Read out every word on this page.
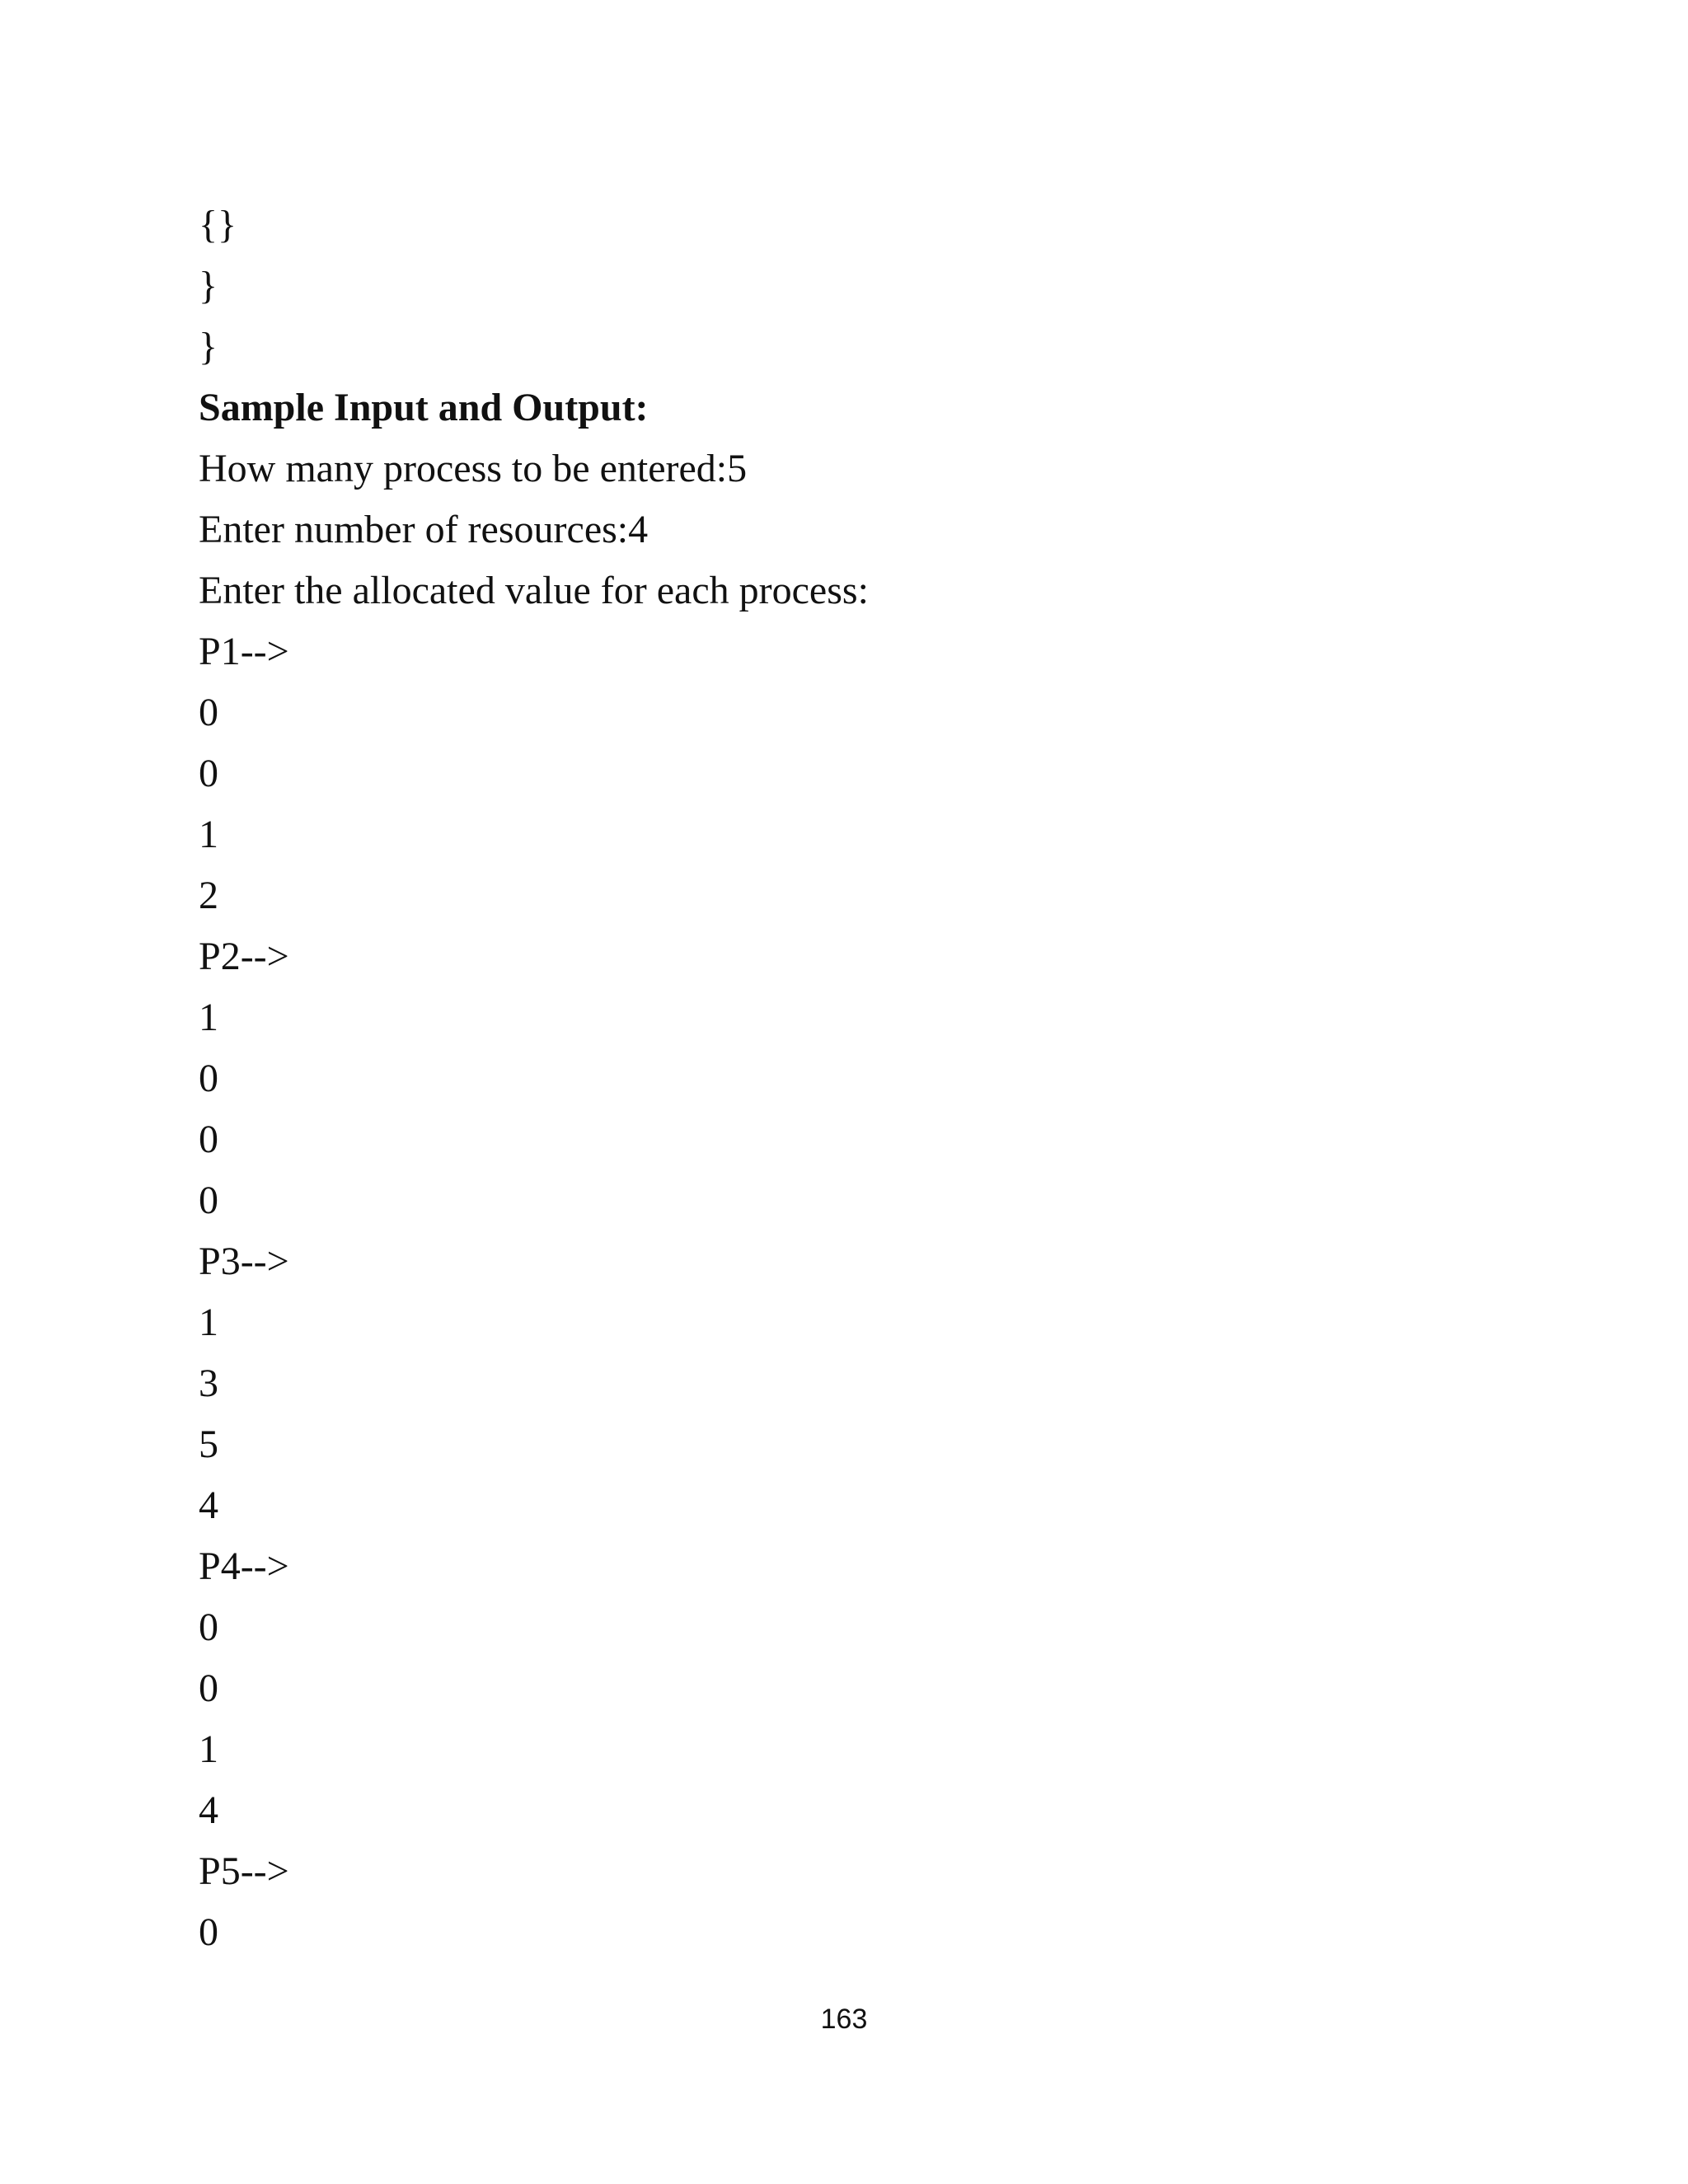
{}
}
}
Sample Input and Output:
How many process to be entered:5
Enter number of resources:4
Enter the allocated value for each process:
P1-->
0
0
1
2
P2-->
1
0
0
0
P3-->
1
3
5
4
P4-->
0
0
1
4
P5-->
0
163
